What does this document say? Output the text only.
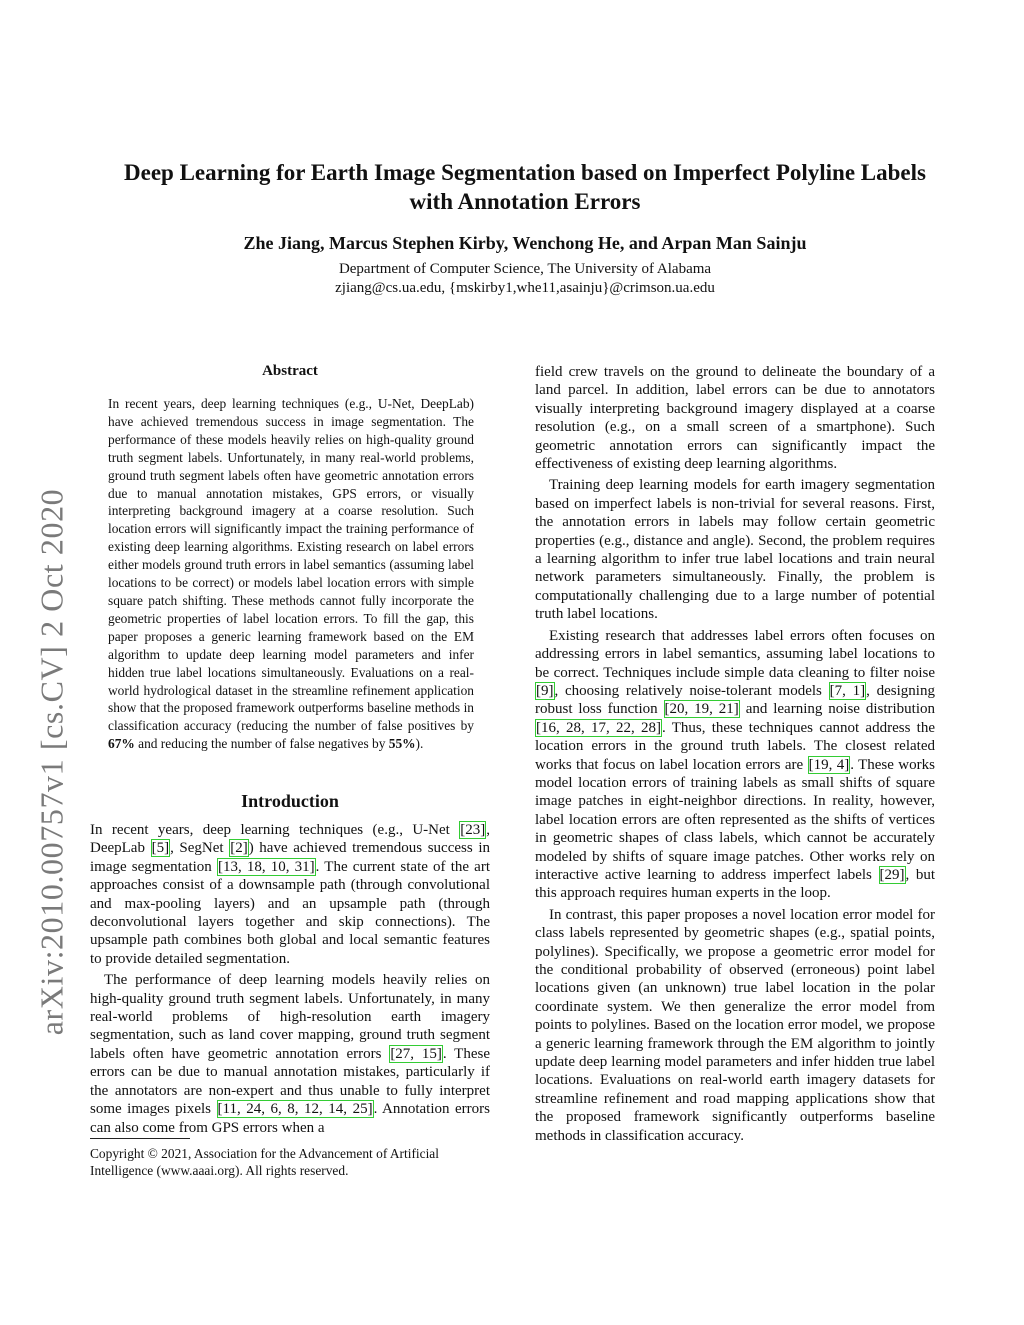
arXiv:2010.00757v1 [cs.CV] 2 Oct 2020
Deep Learning for Earth Image Segmentation based on Imperfect Polyline Labels
with Annotation Errors
Zhe Jiang, Marcus Stephen Kirby, Wenchong He, and Arpan Man Sainju
Department of Computer Science, The University of Alabama
zjiang@cs.ua.edu, {mskirby1,whe11,asainju}@crimson.ua.edu
Abstract
In recent years, deep learning techniques (e.g., U-Net, DeepLab) have achieved tremendous success in image segmentation. The performance of these models heavily relies on high-quality ground truth segment labels. Unfortunately, in many real-world problems, ground truth segment labels often have geometric annotation errors due to manual annotation mistakes, GPS errors, or visually interpreting background imagery at a coarse resolution. Such location errors will significantly impact the training performance of existing deep learning algorithms. Existing research on label errors either models ground truth errors in label semantics (assuming label locations to be correct) or models label location errors with simple square patch shifting. These methods cannot fully incorporate the geometric properties of label location errors. To fill the gap, this paper proposes a generic learning framework based on the EM algorithm to update deep learning model parameters and infer hidden true label locations simultaneously. Evaluations on a real-world hydrological dataset in the streamline refinement application show that the proposed framework outperforms baseline methods in classification accuracy (reducing the number of false positives by 67% and reducing the number of false negatives by 55%).
Introduction

In recent years, deep learning techniques (e.g., U-Net [23], DeepLab [5], SegNet [2]) have achieved tremendous success in image segmentation [13, 18, 10, 31]. The current state of the art approaches consist of a downsample path (through convolutional and max-pooling layers) and an upsample path (through deconvolutional layers together and skip connections). The upsample path combines both global and local semantic features to provide detailed segmentation.

The performance of deep learning models heavily relies on high-quality ground truth segment labels. Unfortunately, in many real-world problems of high-resolution earth imagery segmentation, such as land cover mapping, ground truth segment labels often have geometric annotation errors [27, 15]. These errors can be due to manual annotation mistakes, particularly if the annotators are non-expert and thus unable to fully interpret some images pixels [11, 24, 6, 8, 12, 14, 25]. Annotation errors can also come from GPS errors when a

Copyright © 2021, Association for the Advancement of Artificial Intelligence (www.aaai.org). All rights reserved.

field crew travels on the ground to delineate the boundary of a land parcel. In addition, label errors can be due to annotators visually interpreting background imagery displayed at a coarse resolution (e.g., on a small screen of a smartphone). Such geometric annotation errors can significantly impact the effectiveness of existing deep learning algorithms.

Training deep learning models for earth imagery segmentation based on imperfect labels is non-trivial for several reasons. First, the annotation errors in labels may follow certain geometric properties (e.g., distance and angle). Second, the problem requires a learning algorithm to infer true label locations and train neural network parameters simultaneously. Finally, the problem is computationally challenging due to a large number of potential truth label locations.

Existing research that addresses label errors often focuses on addressing errors in label semantics, assuming label locations to be correct. Techniques include simple data cleaning to filter noise [9], choosing relatively noise-tolerant models [7, 1], designing robust loss function [20, 19, 21] and learning noise distribution [16, 28, 17, 22, 28]. Thus, these techniques cannot address the location errors in the ground truth labels. The closest related works that focus on label location errors are [19, 4]. These works model location errors of training labels as small shifts of square image patches in eight-neighbor directions. In reality, however, label location errors are often represented as the shifts of vertices in geometric shapes of class labels, which cannot be accurately modeled by shifts of square image patches. Other works rely on interactive active learning to address imperfect labels [29], but this approach requires human experts in the loop.

In contrast, this paper proposes a novel location error model for class labels represented by geometric shapes (e.g., spatial points, polylines). Specifically, we propose a geometric error model for the conditional probability of observed (erroneous) point label locations given (an unknown) true label location in the polar coordinate system. We then generalize the error model from points to polylines. Based on the location error model, we propose a generic learning framework through the EM algorithm to jointly update deep learning model parameters and infer hidden true label locations. Evaluations on real-world earth imagery datasets for streamline refinement and road mapping applications show that the proposed framework significantly outperforms baseline methods in classification accuracy.
